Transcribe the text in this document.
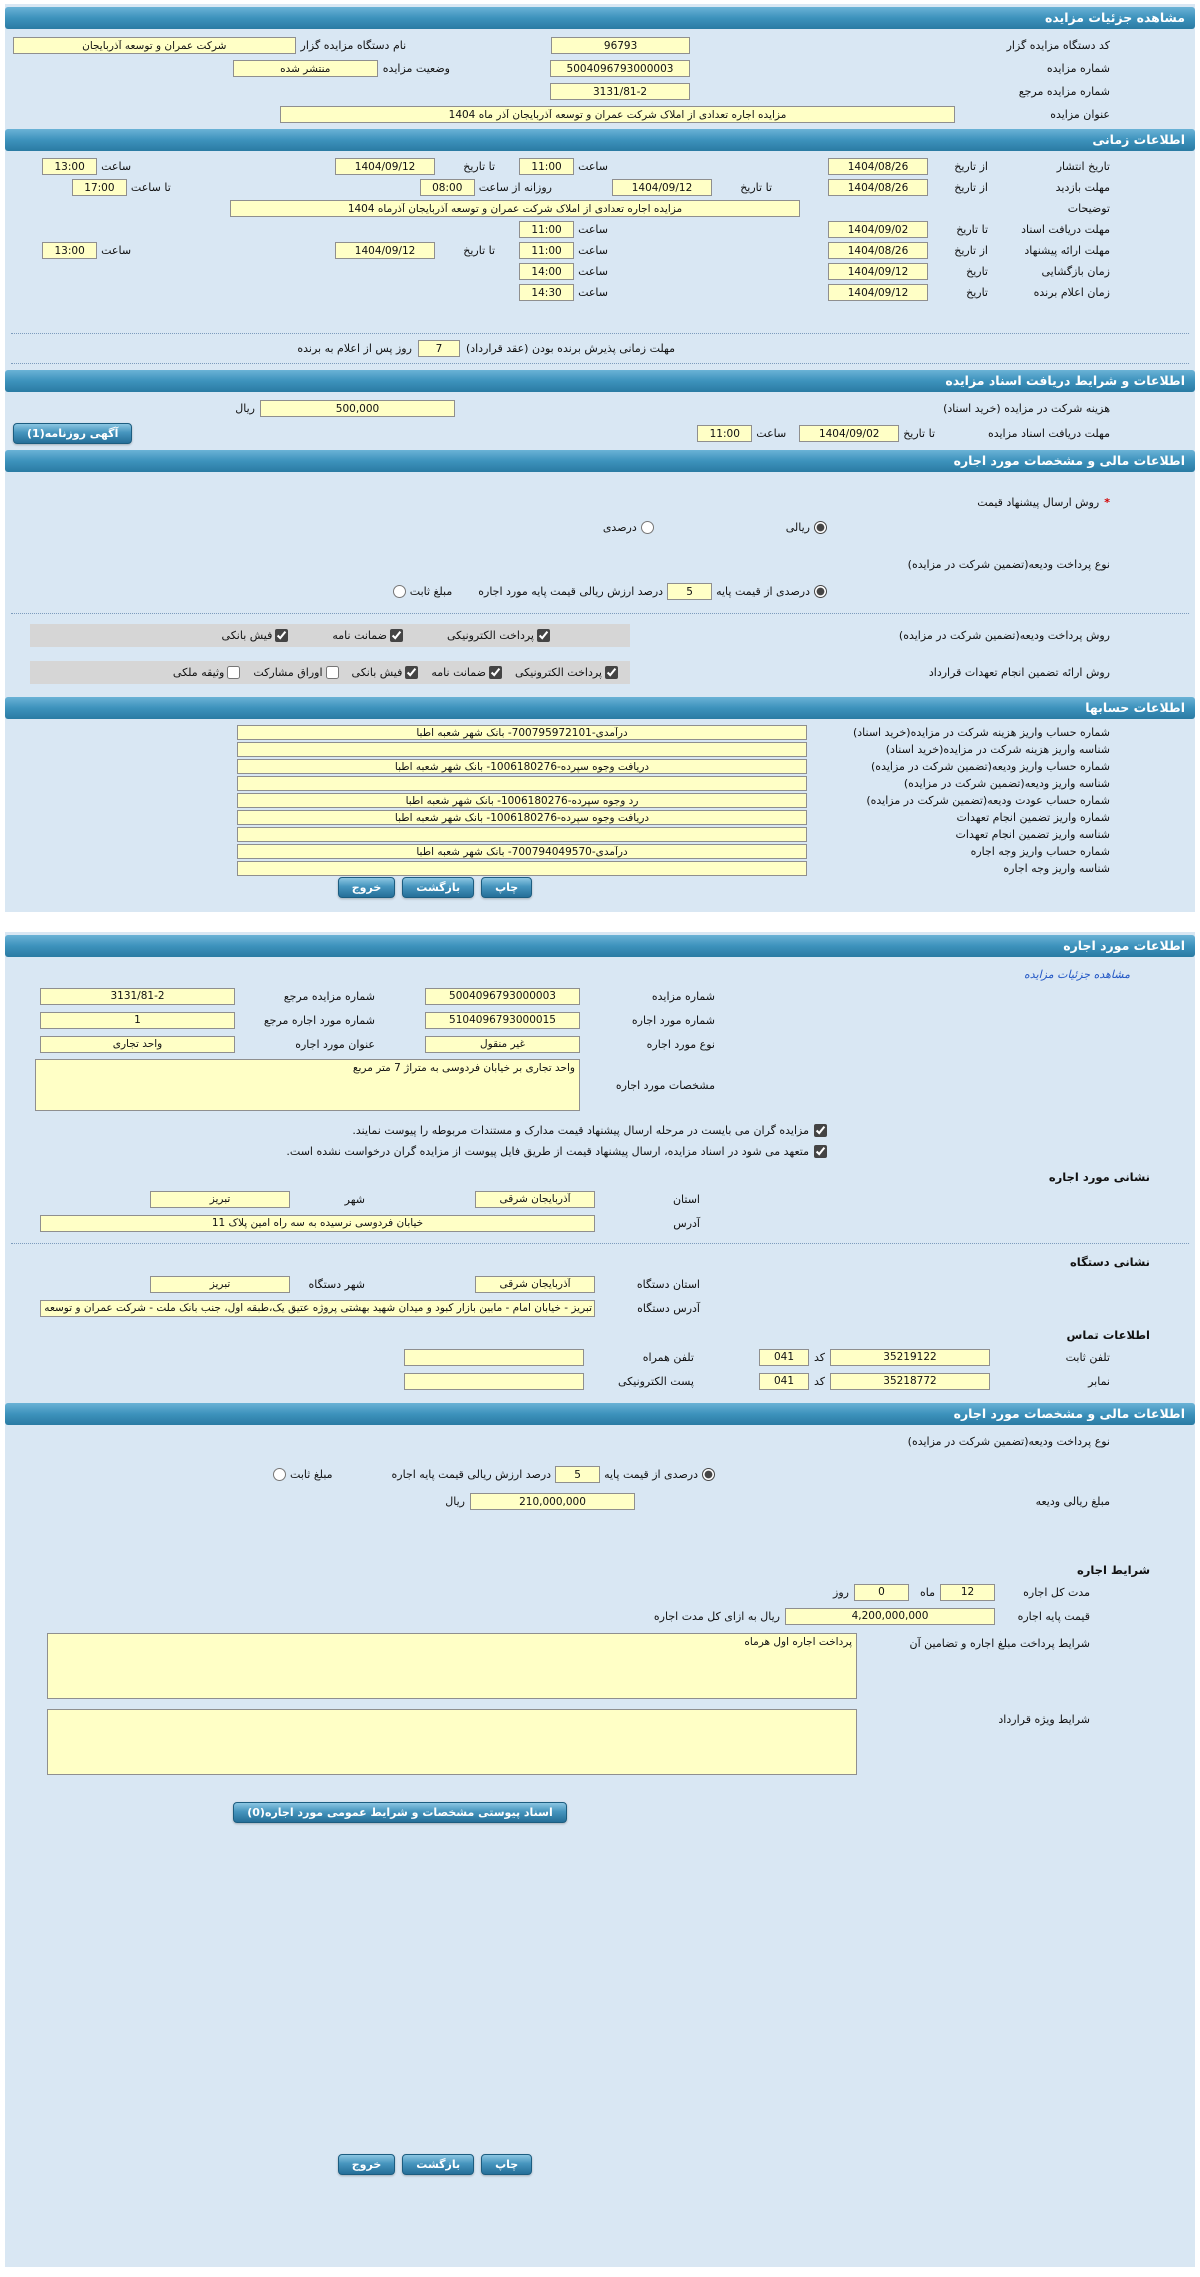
مشاهده جزئیات مزایده
کد دستگاه مزایده گزار
96793
نام دستگاه مزایده گزار
شرکت عمران و توسعه آذربایجان
شماره مزایده
5004096793000003
وضعیت مزایده
منتشر شده
شماره مزایده مرجع
3131/81-2
عنوان مزایده
مزایده اجاره تعدادی از املاک شرکت عمران و توسعه آذربایجان آذر ماه 1404
اطلاعات زمانی
تاریخ انتشار
از تاریخ
1404/08/26
ساعت
11:00
تا تاریخ
1404/09/12
ساعت
13:00
مهلت بازدید
از تاریخ
1404/08/26
تا تاریخ
1404/09/12
روزانه از ساعت
08:00
تا ساعت
17:00
توضیحات
مزایده اجاره تعدادی از املاک شرکت عمران و توسعه آذربایجان آذرماه 1404
مهلت دریافت اسناد
تا تاریخ
1404/09/02
ساعت
11:00
مهلت ارائه پیشنهاد
از تاریخ
1404/08/26
ساعت
11:00
تا تاریخ
1404/09/12
ساعت
13:00
زمان بازگشایی
تاریخ
1404/09/12
ساعت
14:00
زمان اعلام برنده
تاریخ
1404/09/12
ساعت
14:30
مهلت زمانی پذیرش برنده بودن (عقد قرارداد)
7
روز پس از اعلام به برنده
اطلاعات و شرایط دریافت اسناد مزایده
هزینه شرکت در مزایده (خرید اسناد)
500,000
ریال
مهلت دریافت اسناد مزایده
تا تاریخ
1404/09/02
ساعت
11:00
آگهی روزنامه(1)
اطلاعات مالی و مشخصات مورد اجاره
*
روش ارسال پیشنهاد قیمت
ریالی
درصدی
نوع پرداخت ودیعه(تضمین شرکت در مزایده)
درصدی از قیمت پایه
5
درصد ارزش ریالی قیمت پایه مورد اجاره
مبلغ ثابت
روش پرداخت ودیعه(تضمین شرکت در مزایده)
پرداخت الکترونیکی
ضمانت نامه
فیش بانکی
روش ارائه تضمین انجام تعهدات قرارداد
پرداخت الکترونیکی
ضمانت نامه
فیش بانکی
اوراق مشارکت
وثیقه ملکی
اطلاعات حسابها
شماره حساب واریز هزینه شرکت در مزایده(خرید اسناد)
درآمدی-700795972101- بانک شهر شعبه اطبا
شناسه واریز هزینه شرکت در مزایده(خرید اسناد)
شماره حساب واریز ودیعه(تضمین شرکت در مزایده)
دریافت وجوه سپرده-1006180276- بانک شهر شعبه اطبا
شناسه واریز ودیعه(تضمین شرکت در مزایده)
شماره حساب عودت ودیعه(تضمین شرکت در مزایده)
رد وجوه سپرده-1006180276- بانک شهر شعبه اطبا
شماره واریز تضمین انجام تعهدات
دریافت وجوه سپرده-1006180276- بانک شهر شعبه اطبا
شناسه واریز تضمین انجام تعهدات
شماره حساب واریز وجه اجاره
درآمدی-700794049570- بانک شهر شعبه اطبا
شناسه واریز وجه اجاره
چاپ
بازگشت
خروج
اطلاعات مورد اجاره
مشاهده جزئیات مزایده
شماره مزایده
5004096793000003
شماره مزایده مرجع
3131/81-2
شماره مورد اجاره
5104096793000015
شماره مورد اجاره مرجع
1
نوع مورد اجاره
غیر منقول
عنوان مورد اجاره
واحد تجاری
مشخصات مورد اجاره
واحد تجاری بر خیابان فردوسی به متراژ 7 متر مربع
مزایده گران می بایست در مرحله ارسال پیشنهاد قیمت مدارک و مستندات مربوطه را پیوست نمایند.
متعهد می شود در اسناد مزایده، ارسال پیشنهاد قیمت از طریق فایل پیوست از مزایده گران درخواست نشده است.
نشانی مورد اجاره
استان
آذربایجان شرقی
شهر
تبریز
آدرس
خیابان فردوسی نرسیده به سه راه امین پلاک 11
نشانی دستگاه
استان دستگاه
آذربایجان شرقی
شهر دستگاه
تبریز
آدرس دستگاه
تبریز - خیابان امام - مابین بازار کبود و میدان شهید بهشتی پروژه عتیق یک،طبقه اول، جنب بانک ملت - شرکت عمران و توسعه آذربایجان
اطلاعات تماس
تلفن ثابت
35219122
کد
041
تلفن همراه
نمابر
35218772
کد
041
پست الکترونیکی
اطلاعات مالی و مشخصات مورد اجاره
نوع پرداخت ودیعه(تضمین شرکت در مزایده)
درصدی از قیمت پایه
5
درصد ارزش ریالی قیمت پایه اجاره
مبلغ ثابت
مبلغ ریالی ودیعه
210,000,000
ریال
شرایط اجاره
مدت کل اجاره
12
ماه
0
روز
قیمت پایه اجاره
4,200,000,000
ریال به ازای کل مدت اجاره
شرایط پرداخت مبلغ اجاره و تضامین آن
پرداخت اجاره اول هرماه
شرایط ویژه قرارداد
اسناد پیوستی مشخصات و شرایط عمومی مورد اجاره(0)
چاپ
بازگشت
خروج
